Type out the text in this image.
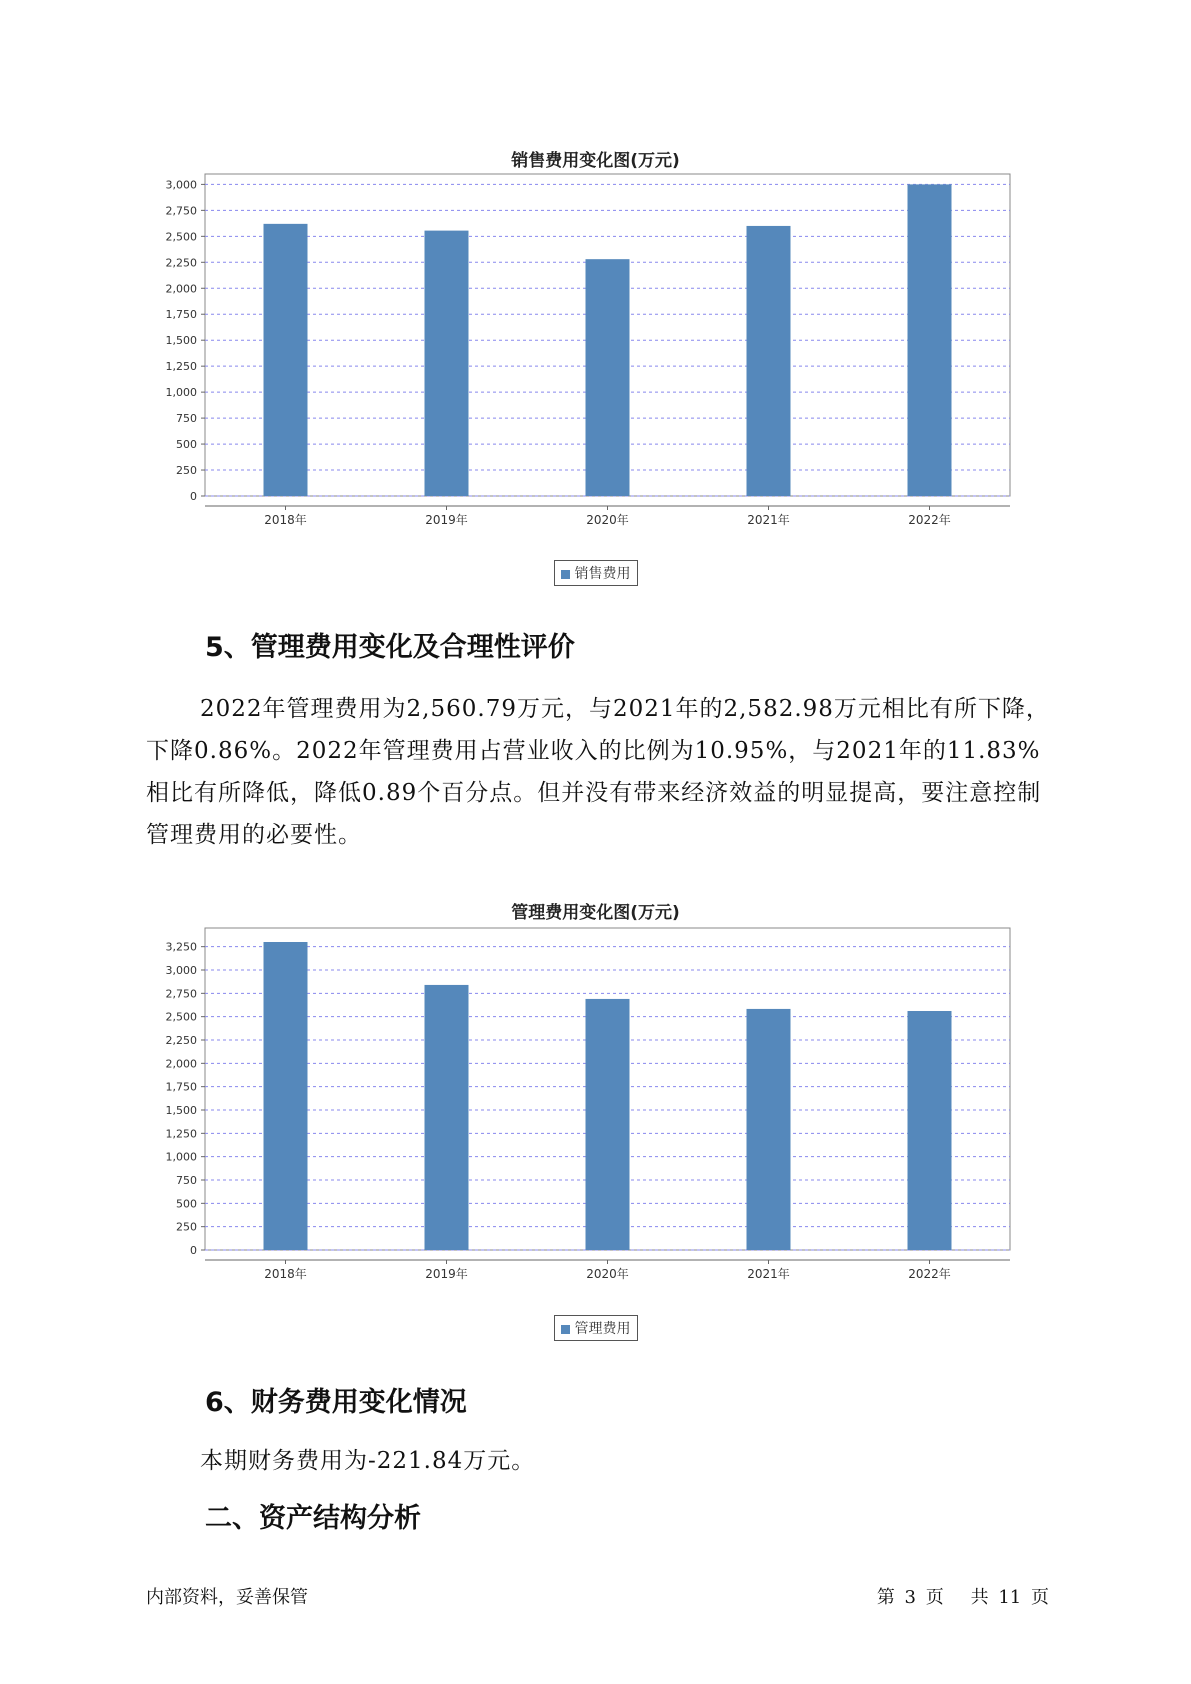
销售费用变化图(万元)
0
250
500
750
1,000
1,250
1,500
1,750
2,000
2,250
2,500
2,750
3,000
2018年	2019年	2020年	2021年	2022年
销售费用
5、管理费用变化及合理性评价
2022年管理费用为2,560.79万元，与2021年的2,582.98万元相比有所下降，下降0.86%。2022年管理费用占营业收入的比例为10.95%，与2021年的11.83%相比有所降低，降低0.89个百分点。但并没有带来经济效益的明显提高，要注意控制管理费用的必要性。
管理费用变化图(万元)
0
250
500
750
1,000
1,250
1,500
1,750
2,000
2,250
2,500
2,750
3,000
3,250
2018年	2019年	2020年	2021年	2022年
管理费用
6、财务费用变化情况
本期财务费用为-221.84万元。
二、资产结构分析
内部资料，妥善保管	第 3 页 共 11 页
